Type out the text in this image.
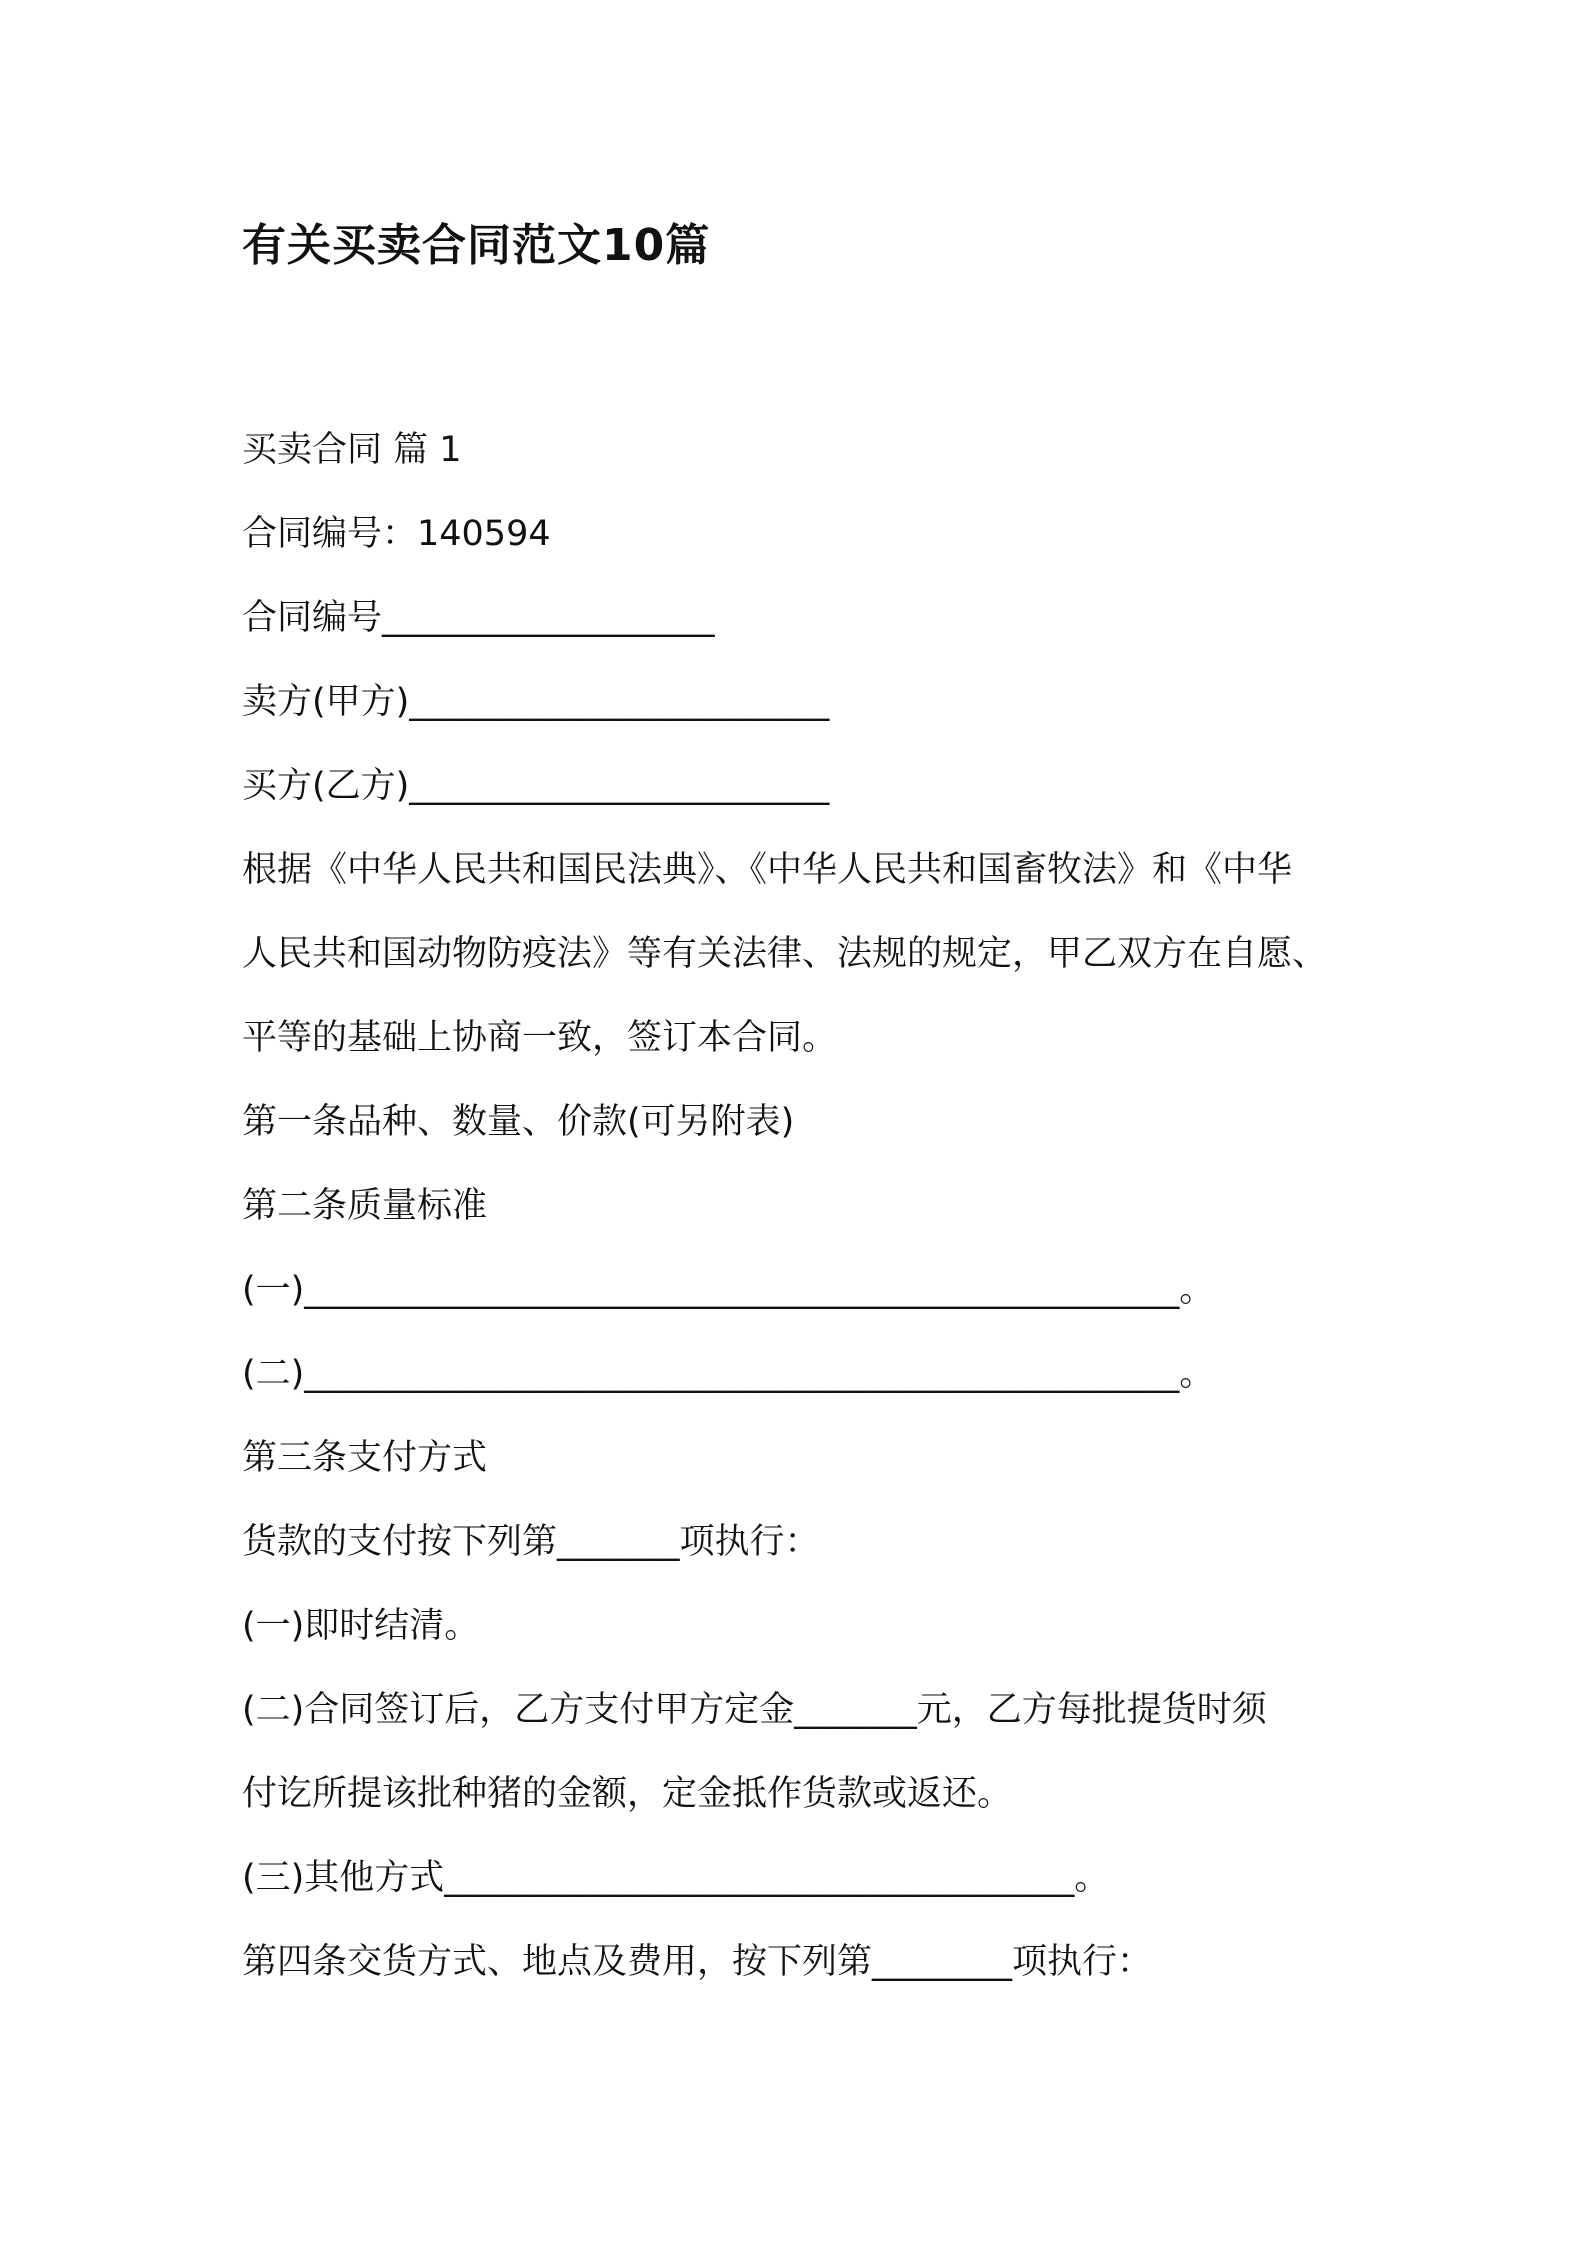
有关买卖合同范文10篇

买卖合同 篇 1

合同编号：140594

合同编号___________________

卖方(甲方)________________________

买方(乙方)________________________

根据《中华人民共和国民法典》、《中华人民共和国畜牧法》和《中华

人民共和国动物防疫法》等有关法律、法规的规定，甲乙双方在自愿、

平等的基础上协商一致，签订本合同。

第一条品种、数量、价款(可另附表)

第二条质量标准

(一)__________________________________________________。

(二)__________________________________________________。

第三条支付方式

货款的支付按下列第_______项执行：

(一)即时结清。

(二)合同签订后，乙方支付甲方定金_______元，乙方每批提货时须

付讫所提该批种猪的金额，定金抵作货款或返还。

(三)其他方式____________________________________。

第四条交货方式、地点及费用，按下列第________项执行：
